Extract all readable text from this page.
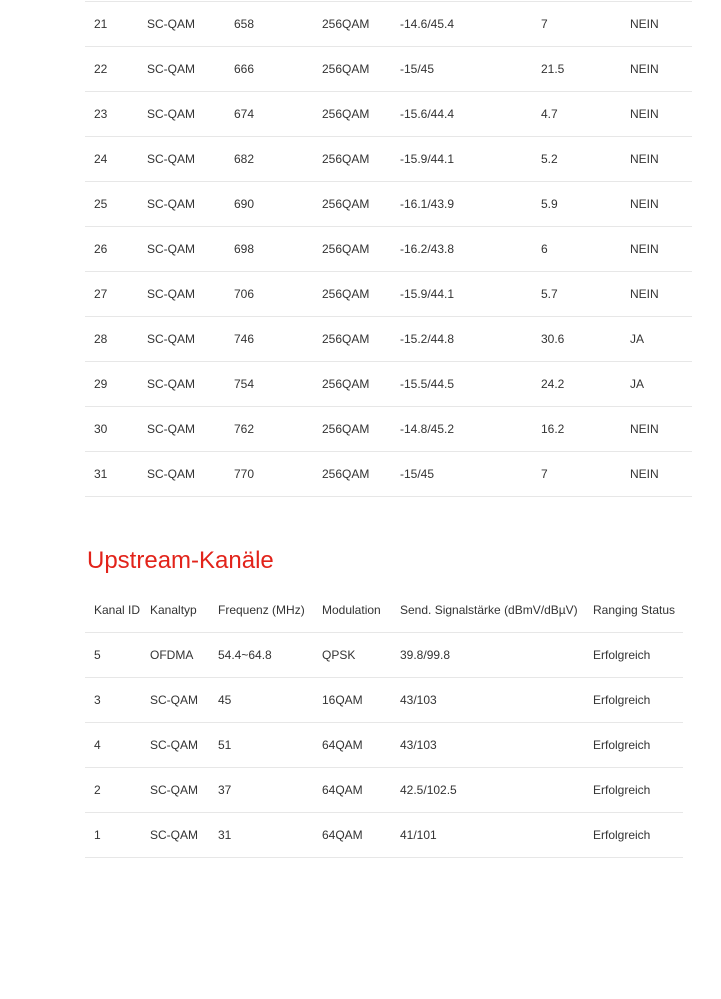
21	SC-QAM	658	256QAM	-14.6/45.4	7	NEIN
22	SC-QAM	666	256QAM	-15/45	21.5	NEIN
23	SC-QAM	674	256QAM	-15.6/44.4	4.7	NEIN
24	SC-QAM	682	256QAM	-15.9/44.1	5.2	NEIN
25	SC-QAM	690	256QAM	-16.1/43.9	5.9	NEIN
26	SC-QAM	698	256QAM	-16.2/43.8	6	NEIN
27	SC-QAM	706	256QAM	-15.9/44.1	5.7	NEIN
28	SC-QAM	746	256QAM	-15.2/44.8	30.6	JA
29	SC-QAM	754	256QAM	-15.5/44.5	24.2	JA
30	SC-QAM	762	256QAM	-14.8/45.2	16.2	NEIN
31	SC-QAM	770	256QAM	-15/45	7	NEIN
Upstream-Kanäle
Kanal ID	Kanaltyp	Frequenz (MHz)	Modulation	Send. Signalstärke (dBmV/dBµV)	Ranging Status
5	OFDMA	54.4~64.8	QPSK	39.8/99.8	Erfolgreich
3	SC-QAM	45	16QAM	43/103	Erfolgreich
4	SC-QAM	51	64QAM	43/103	Erfolgreich
2	SC-QAM	37	64QAM	42.5/102.5	Erfolgreich
1	SC-QAM	31	64QAM	41/101	Erfolgreich
